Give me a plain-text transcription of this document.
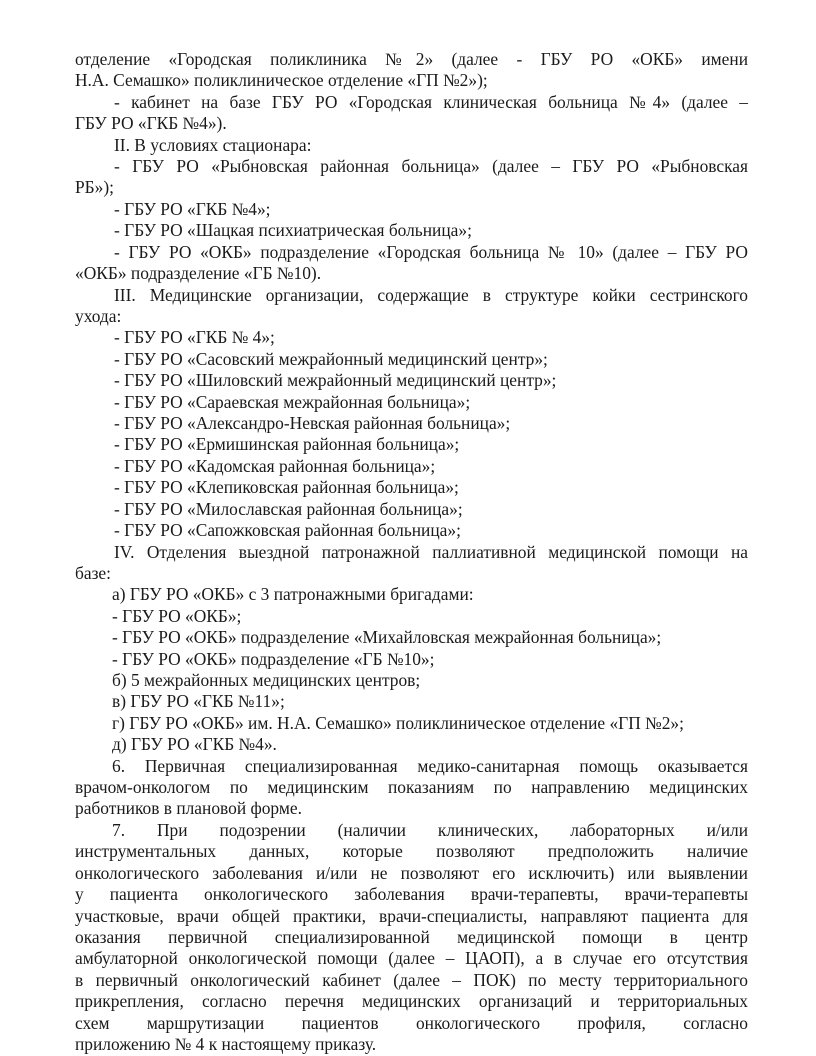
отделение «Городская поликлиника №2» (далее - ГБУ РО «ОКБ» имени
Н.А. Семашко» поликлиническое отделение «ГП №2»);
- кабинет на базе ГБУ РО «Городская клиническая больница №4» (далее –
ГБУ РО «ГКБ №4»).
II. В условиях стационара:
- ГБУ РО «Рыбновская районная больница» (далее – ГБУ РО «Рыбновская
РБ»);
- ГБУ РО «ГКБ №4»;
- ГБУ РО «Шацкая психиатрическая больница»;
- ГБУ РО «ОКБ» подразделение «Городская больница № 10» (далее – ГБУ РО
«ОКБ» подразделение «ГБ №10).
III. Медицинские организации, содержащие в структуре койки сестринского
ухода:
- ГБУ РО «ГКБ № 4»;
- ГБУ РО «Сасовский межрайонный медицинский центр»;
- ГБУ РО «Шиловский межрайонный медицинский центр»;
- ГБУ РО «Сараевская межрайонная больница»;
- ГБУ РО «Александро-Невская районная больница»;
- ГБУ РО «Ермишинская районная больница»;
- ГБУ РО «Кадомская районная больница»;
- ГБУ РО «Клепиковская районная больница»;
- ГБУ РО «Милославская районная больница»;
- ГБУ РО «Сапожковская районная больница»;
IV. Отделения выездной патронажной паллиативной медицинской помощи на
базе:
а) ГБУ РО «ОКБ» с 3 патронажными бригадами:
- ГБУ РО «ОКБ»;
- ГБУ РО «ОКБ» подразделение «Михайловская межрайонная больница»;
- ГБУ РО «ОКБ» подразделение «ГБ №10»;
б) 5 межрайонных медицинских центров;
в) ГБУ РО «ГКБ №11»;
г) ГБУ РО «ОКБ» им. Н.А. Семашко» поликлиническое отделение «ГП №2»;
д) ГБУ РО «ГКБ №4».
6. Первичная специализированная медико-санитарная помощь оказывается
врачом-онкологом по медицинским показаниям по направлению медицинских
работников в плановой форме.
7. При подозрении (наличии клинических, лабораторных и/или
инструментальных данных, которые позволяют предположить наличие
онкологического заболевания и/или не позволяют его исключить) или выявлении
у пациента онкологического заболевания врачи-терапевты, врачи-терапевты
участковые, врачи общей практики, врачи-специалисты, направляют пациента для
оказания первичной специализированной медицинской помощи в центр
амбулаторной онкологической помощи (далее – ЦАОП), а в случае его отсутствия
в первичный онкологический кабинет (далее – ПОК) по месту территориального
прикрепления, согласно перечня медицинских организаций и территориальных
схем маршрутизации пациентов онкологического профиля, согласно
приложению № 4 к настоящему приказу.
